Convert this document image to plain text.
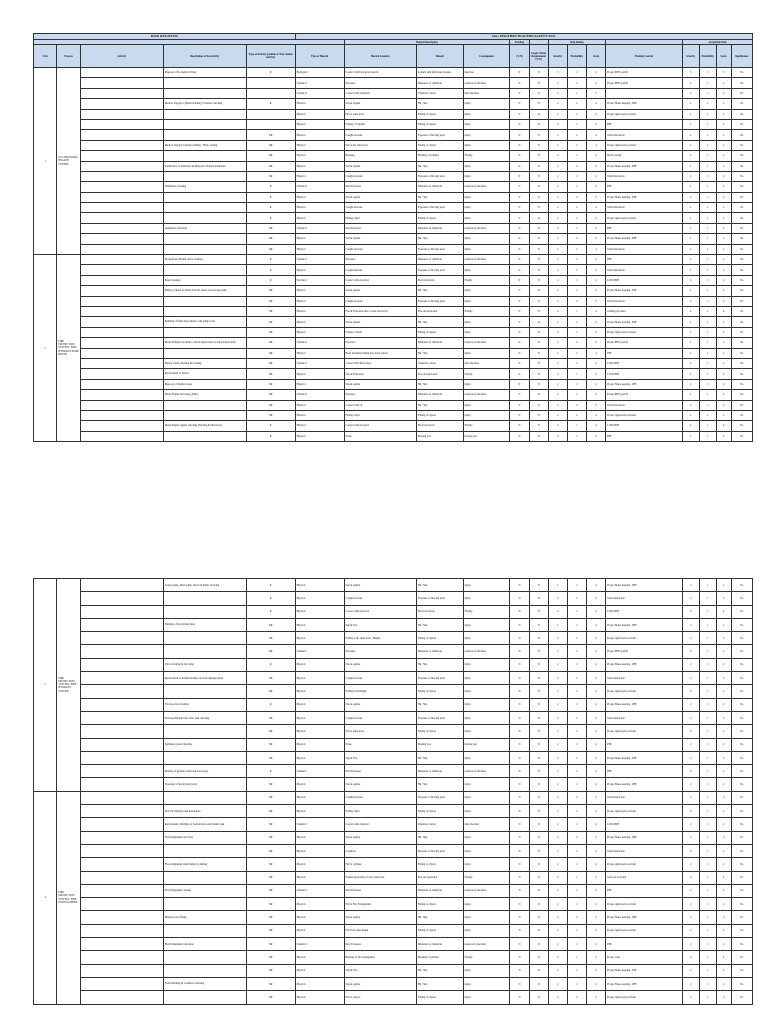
RISK REGISTER					Doc: EHS/FHRV/BGK/EHS/SAFETY/2023													
						Hazard Description			Existing		Risk Rating				Acceptable Risk			
S.No	Process	Activity	Description of the Activity	Type of Activity (routine or Non routine activity)	Type of Hazard	Hazard Scenario	Hazard	Consequence	(Y/N)	Legal / Other Requirement (Y/N)	Severity	Probability	Score	Existing Control	Severity	Probability	Score	Significance
1	OCCUPATIONAL HEALTH CENTRE		Disposal of bio medical Waste	R	Biological	Contact with biological hazards	Contact with infectious diseases	infection	N	N	3	2	6	Proper PPE's (ALP)	3	1	3	No
					Chemical	Exposure	Inhalation of chemicals	respiratory disorders	N	N	2	2	4	Proper PPE's (ALP)	2	1	2	No
					Chemical	Contact with chemicals	Chemical contact	skin disorders	N	N	2	1	2		2	1	2	No
			Medical Oxygen Cylinder handling / Pressure checking	R	Physical	Struck against	Hit / Slip	injury	N	N	2	2	4	Proper House keeping , PPE	2	1	2	No
					Physical	Fall at same level	Falling of objects	injury	N	N	2	2	4	Proper signboards provided	2	1	2	No
					Physical	Falling of cylinder	Falling of objects	injury	N	N	2	2	4	PPE	2	1	2	No
				NR	Physical	Caught between	Exposure to Moving parts	injury	N	N	2	2	4	Work Instruction	2	1	2	No
			Medical Oxygen Cylinder refilling / Hydro testing	NR	Physical	Fall at the same level	Falling of objects	injury	N	N	2	2	4	Proper signboards provided	2	1	2	No
				NR	Physical	Bursting	Bursting of cylinder	Fatality	N	N	4	1	4	Hydro testing	2	1	2	No
			Sterilization of medicines & Disposal of Expiry medicines	NR	Physical	Struck against	Hit / Slip	injury	N	N	2	2	4	Proper House keeping , PPE	2	1	2	No
				NR	Physical	Caught between	Exposure to Moving parts	injury	N	N	2	2	4	Work Instruction	2	1	2	No
			Ambulance cleaning	R	Chemical	Dust Exposure	Inhalation of chemicals	respiratory disorders	N	N	2	2	4	PPE	2	1	2	No
				R	Physical	Struck against	Hit / Slip	injury	N	N	2	2	4	Proper House keeping , PPE	2	1	2	No
				R	Physical	Caught between	Exposure to Moving parts	injury	N	N	2	2	4	Work Instruction	2	1	2	No
				R	Physical	Falling object	Falling of objects	injury	N	N	2	2	4	Proper signboards provided	2	1	2	No
			Ambulance servicing	NR	Chemical	Dust Exposure	Inhalation of chemicals	respiratory disorders	N	N	2	2	4	PPE	2	1	2	No
				NR	Physical	Struck against	Hit / Slip	injury	N	N	2	2	4	Proper House keeping , PPE	2	1	2	No
				NR	Physical	Caught between	Exposure to Moving parts	injury	N	N	2	2	4	Work Instruction	2	1	2	No
2	FIRE PROTECTION SYSTEM - FIRE HYDRANT PUMP HOUSE		Occupational Health centre cleaning	R	Chemical	Exposure	Inhalation of chemicals	respiratory disorders	N	N	2	2	4	PPE	2	1	2	No
				R	Physical	Caught between	Exposure to Moving parts	injury	N	N	2	2	4	Work Instruction	2	1	2	No
			Panel Cleaning	R	Electrical	Contact with electrical	Electrical shock	Fatality	N	N	4	1	4	LOTO/PPE	4	1	4	No
			Filling of diesel in drums from the diesel yard storage tanks	NR	Physical	Struck against	Hit / Slip	injury	N	N	2	2	4	Proper House keeping , PPE	2	1	2	No
				NR	Physical	Caught between	Exposure to Moving parts	injury	N	N	2	2	4	Work Instruction	2	1	2	No
				NR	Physical	Fire & Explosion due to static electricity	Fire and explosion	Fatality	N	N	4	1	4	earthing provided	4	1	4	No
			Refilling of filled diesel drum to the pump room	NR	Physical	Struck against	Hit / Slip	injury	N	N	2	2	4	Proper House keeping , PPE	2	1	2	No
				NR	Physical	Falling of drum	Falling of objects	injury	N	N	2	2	4	Proper signboards provided	2	1	2	No
			Diesel Filling from drum to diesel engine tank by using barrel pump	NR	Chemical	Exposure	Inhalation of chemicals	respiratory disorders	N	N	2	2	4	Proper PPE's (ALP)	2	1	2	No
				NR	Physical	Body extremity hitting into sharp objects	Hit / Slip	injury	N	N	2	2	4	PPE	2	1	2	No
			Battery visual checking & cleaning	NR	Chemical	Contact With Electrolyte	Chemical contact	skin disorders	N	N	2	2	4	LOTO/PPE	2	1	2	No
			Replacement of battery	NR	Physical	Fire & Explosion	Fire and explosion	Fatality	N	N	4	1	4	LOTO/PPE	4	1	4	No
			Make up of distilled water	NR	Physical	Struck against	Hit / Slip	injury	N	N	2	2	4	Proper House keeping , PPE	2	1	2	No
			Diesel Engine Servicing (AMC)	NR	Chemical	Exposure	Inhalation of chemicals	respiratory disorders	N	N	2	2	4	Proper PPE's (ALP)	2	1	2	No
				NR	Physical	Contact with oil	Hit / Slip	injury	N	N	2	2	4	Work Instruction	2	1	2	No
				NR	Physical	Falling object	Falling of objects	injury	N	N	2	2	4	Proper signboards provided	2	1	2	No
			Diesel Engine regular checking (Starting & Shutdown)	R	Physical	Contact with electrical	Electrical shock	Fatality	N	N	4	1	4	LOTO/PPE	4	1	4	No
				R	Physical	Noise	Hearing loss	hearing loss	N	N	2	2	4	PPE	2	1	2	No
2	FIRE PROTECTION SYSTEM - FIRE HYDRANT SYSTEM		Jockey pump, Main pump, Motor & Pump servicing	R	Physical	Struck against	Hit / Slip	injury	N	N	2	2	4	Proper House keeping , PPE	2	1	2	No
				R	Physical	Caught between	Exposure to Moving parts	injury	N	N	2	2	4	Work Instruction	2	1	2	No
				R	Physical	Contact with electrical	Electrical shock	Fatality	N	N	4	1	4	LOTO/PPE	4	1	4	No
			Flushing of fire hydrant lines	NR	Physical	Slip & Trip	Hit / Slip	injury	N	N	2	2	4	Proper House keeping , PPE	2	1	2	No
				NR	Physical	Falling at the same level / Height	Falling of objects	injury	N	N	2	2	4	Proper signboards provided	2	1	2	No
				NR	Chemical	Exposure	Inhalation of chemicals	respiratory disorders	N	N	2	2	4	Proper PPE's (ALP)	2	1	2	No
			Valve checking & Servicing	R	Physical	Struck against	Hit / Slip	injury	N	N	2	2	4	Proper House keeping , PPE	2	1	2	No
			Replacement of malfunctioning valves & damaged lines	NR	Physical	Caught between	Exposure to Moving parts	injury	N	N	2	2	4	Work Instruction	2	1	2	No
				NR	Physical	Falling from Height	Falling of objects	injury	N	N	2	2	4	Proper signboards provided	2	1	2	No
			Fire hose box checking	R	Physical	Struck against	Hit / Slip	injury	N	N	2	2	4	Proper House keeping , PPE	2	1	2	No
			Fire hose/Hydrant line valve leak checking	NR	Physical	Caught between	Exposure to Moving parts	injury	N	N	2	2	4	Work Instruction	2	1	2	No
				NR	Physical	Fall at same level	Falling of objects	injury	N	N	2	2	4	Proper signboards provided	2	1	2	No
			Sprinkler system checking	NR	Physical	Noise	Hearing loss	hearing loss	N	N	2	2	4	PPE	2	1	2	No
				NR	Physical	Slip & Trip	Hit / Slip	injury	N	N	2	2	4	Proper House keeping , PPE	2	1	2	No
			Painting of hydrant points and hose boxes	R	Chemical	Dust Exposure	Inhalation of chemicals	respiratory disorders	N	N	2	2	4	PPE	2	1	2	No
			Operation of fire hydrant point	NR	Physical	Struck against	Hit / Slip	injury	N	N	2	2	4	Proper House keeping , PPE	2	1	2	No
4	FIRE PROTECTION SYSTEM - FIRE EXTINGUISHER			NR	Physical	Caught between	Exposure to Moving parts	injury	N	N	2	2	4	Work Instruction	2	1	2	No
			New Fire Hydrant line Installation	NR	Physical	Falling object	Falling of objects	injury	N	N	2	2	4	Proper signboards provided	2	1	2	No
			Replacement / Refilling of foam in the foam bladder tank	NR	Chemical	Contact with chemical	Chemical contact	skin disorders	N	N	2	2	4	LOTO/PPE	2	1	2	No
			Fire Extinguisher servicing	NR	Physical	Struck against	Hit / Slip	injury	N	N	2	2	4	Proper House keeping , PPE	2	1	2	No
				NR	Physical	Caught in	Exposure to Moving parts	injury	N	N	2	2	4	Work Instruction	2	1	2	No
			Fire extinguisher drum fitting by shifting	NR	Physical	Fall of cylinder	Falling of objects	injury	N	N	2	2	4	Proper signboards provided	2	1	2	No
				NR	Physical	Sudden generation of rust connection	Fire and explosion	Fatality	N	N	4	1	4	Safe rest provided	4	1	4	No
			Fire Extinguisher Testing	NR	Chemical	Dust Exposure	Inhalation of chemicals	respiratory disorders	N	N	2	2	4	PPE	2	1	2	No
				NR	Physical	Fall of Fire Extinguisher	Falling of objects	injury	N	N	2	2	4	Proper signboards provided	2	1	2	No
			Display board fitting	NR	Physical	Struck against	Hit / Slip	injury	N	N	2	2	4	Proper House keeping , PPE	2	1	2	No
				NR	Physical	Fall from same height	Falling of objects	injury	N	N	2	2	4	Proper signboards provided	2	1	2	No
			Fire Extinguisher Operation	NR	Chemical	Dust Exposure	Inhalation of chemicals	respiratory disorders	N	N	2	2	4	PPE	2	1	2	No
				NR	Physical	Bursting of fire extinguisher	Bursting of cylinder	Fatality	N	N	4	1	4	Proper order	4	1	4	No
				NR	Physical	Slip & Trip	Hit / Slip	injury	N	N	2	2	4	Proper House keeping , PPE	2	1	2	No
			Foam Refilling & condition Checking	NR	Physical	Struck against	Hit / Slip	injury	N	N	2	2	4	Proper House keeping , PPE	2	1	2	No
				NR	Physical	Fall of objects	Falling of objects	injury	N	N	2	2	4	Proper signboards provided	2	1	2	No
